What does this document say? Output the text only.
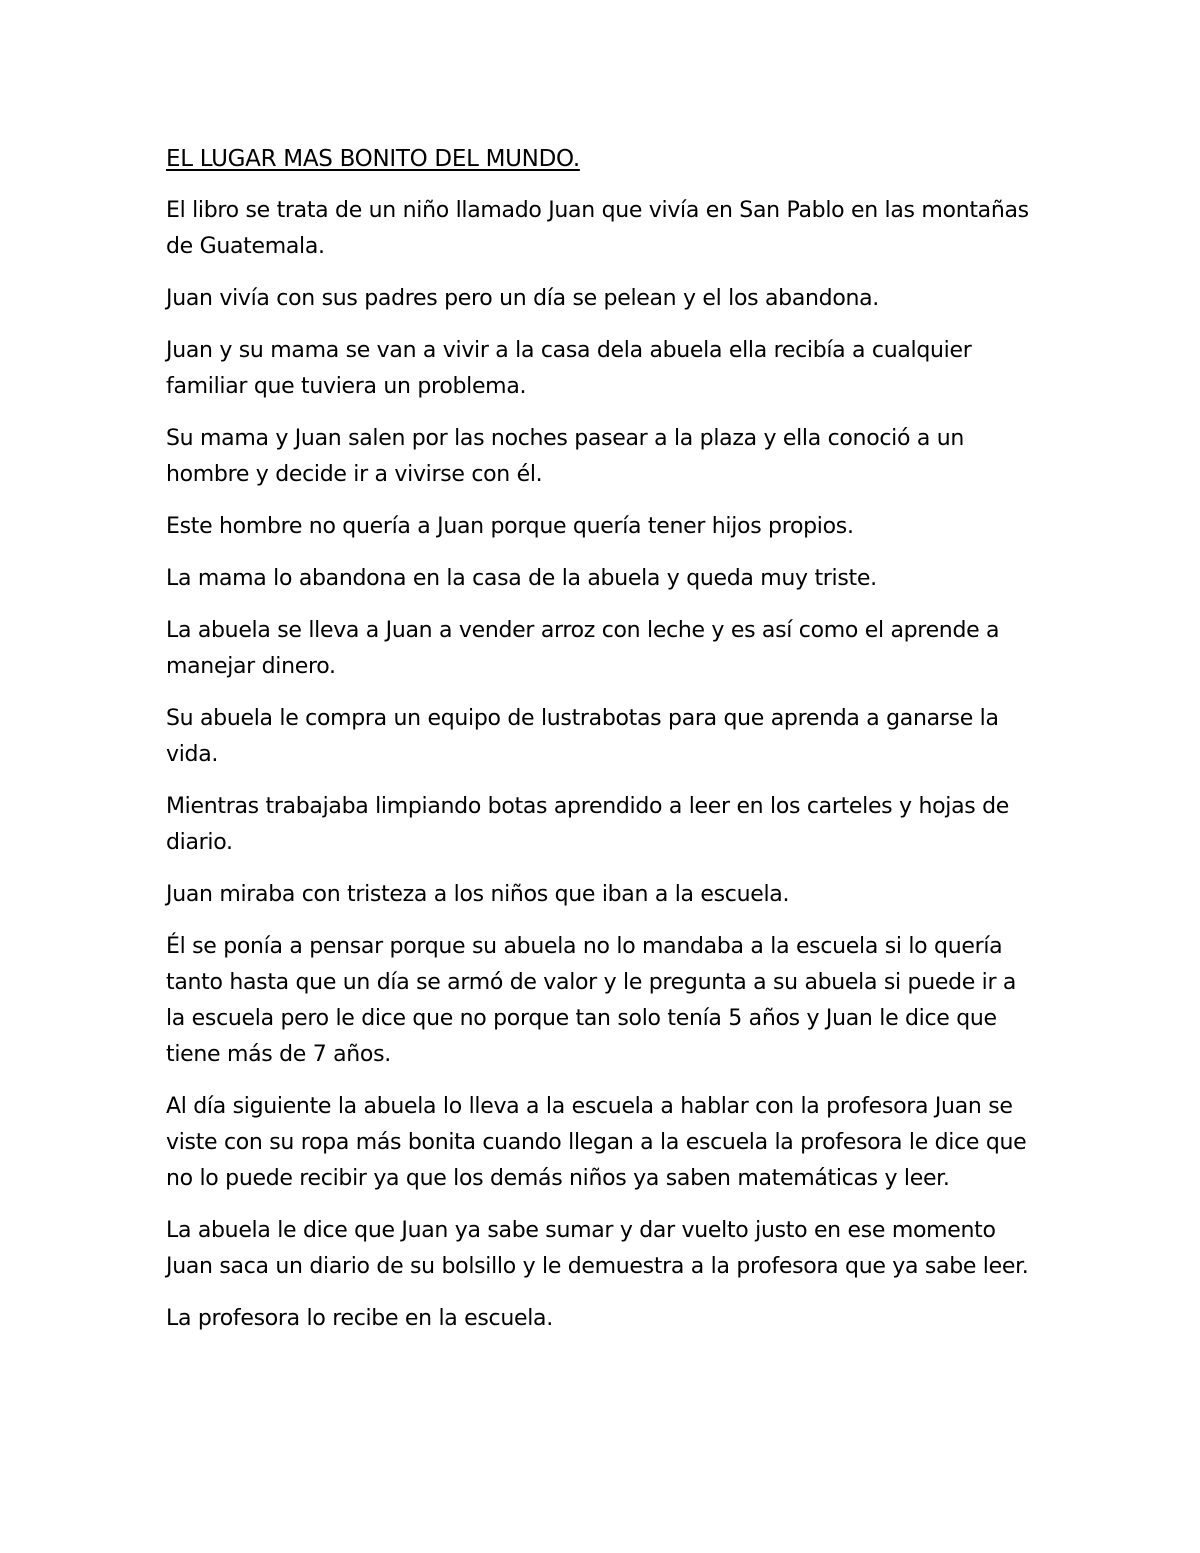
EL LUGAR MAS BONITO DEL MUNDO.

El libro se trata de un niño llamado Juan que vivía en San Pablo en las montañas de Guatemala.

Juan vivía con sus padres pero un día se pelean y el los abandona.

Juan y su mama se van a vivir a la casa dela abuela ella recibía a cualquier familiar que tuviera un problema.

Su mama y Juan salen por las noches pasear a la plaza y ella conoció a un hombre y decide ir a vivirse con él.

Este hombre no quería a Juan porque quería tener hijos propios.

La mama lo abandona en la casa de la abuela y queda muy triste.

La abuela se lleva a Juan a vender arroz con leche y es así como el aprende a manejar dinero.

Su abuela le compra un equipo de lustrabotas para que aprenda a ganarse la vida.

Mientras trabajaba limpiando botas aprendido a leer en los carteles y hojas de diario.

Juan miraba con tristeza a los niños que iban a la escuela.

Él se ponía a pensar porque su abuela no lo mandaba a la escuela si lo quería tanto hasta que un día se armó de valor y le pregunta a su abuela si puede ir a la escuela pero le dice que no porque tan solo tenía 5 años y Juan le dice que tiene más de 7 años.

Al día siguiente la abuela lo lleva a la escuela a hablar con la profesora Juan se viste con su ropa más bonita cuando llegan a la escuela la profesora le dice que no lo puede recibir ya que los demás niños ya saben matemáticas y leer.

La abuela le dice que Juan ya sabe sumar y dar vuelto justo en ese momento Juan saca un diario de su bolsillo y le demuestra a la profesora que ya sabe leer.

La profesora lo recibe en la escuela.
